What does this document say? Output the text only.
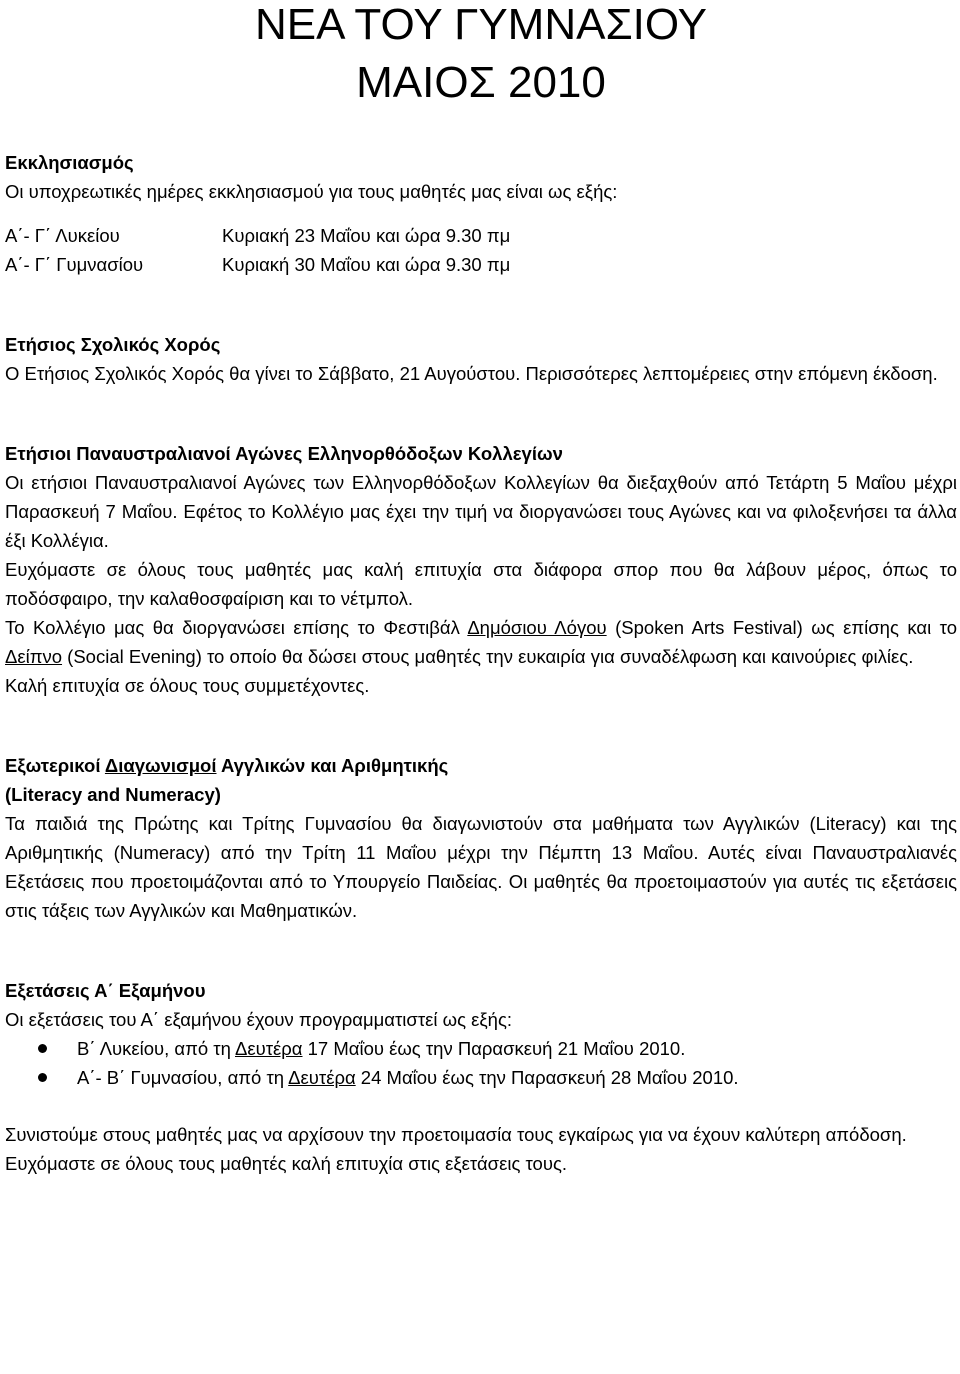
ΝΕΑ ΤΟΥ ΓΥΜΝΑΣΙΟΥ
ΜΑΙΟΣ 2010
Εκκλησιασμός
Οι υποχρεωτικές ημέρες εκκλησιασμού για τους μαθητές μας είναι ως εξής:
Α΄- Γ΄ Λυκείου	Κυριακή 23 Μαΐου και ώρα 9.30 πμ
Α΄- Γ΄ Γυμνασίου	Κυριακή 30 Μαΐου και ώρα 9.30 πμ
Ετήσιος Σχολικός Χορός
Ο Ετήσιος Σχολικός Χορός θα γίνει το Σάββατο, 21 Αυγούστου. Περισσότερες λεπτομέρειες στην επόμενη έκδοση.
Ετήσιοι Παναυστραλιανοί Αγώνες Ελληνορθόδοξων Κολλεγίων
Οι ετήσιοι Παναυστραλιανοί Αγώνες των Ελληνορθόδοξων Κολλεγίων θα διεξαχθούν από Τετάρτη 5 Μαΐου μέχρι Παρασκευή 7 Μαΐου. Εφέτος το Κολλέγιο μας έχει την τιμή να διοργανώσει τους Αγώνες και να φιλοξενήσει τα άλλα έξι Κολλέγια.
Ευχόμαστε σε όλους τους μαθητές μας καλή επιτυχία στα διάφορα σπορ που θα λάβουν μέρος, όπως το ποδόσφαιρο, την καλαθοσφαίριση και το νέτμπολ.
Το Κολλέγιο μας θα διοργανώσει επίσης το Φεστιβάλ Δημόσιου Λόγου (Spoken Arts Festival) ως επίσης και το Δείπνο (Social Evening) το οποίο θα δώσει στους μαθητές την ευκαιρία για συναδέλφωση και καινούριες φιλίες.
Καλή επιτυχία σε όλους τους συμμετέχοντες.
Εξωτερικοί Διαγωνισμοί Αγγλικών και Αριθμητικής
(Literacy and Numeracy)
Τα παιδιά της Πρώτης και Τρίτης Γυμνασίου θα διαγωνιστούν στα μαθήματα των Αγγλικών (Literacy) και της Αριθμητικής (Numeracy) από την Τρίτη 11 Μαΐου μέχρι την Πέμπτη 13 Μαΐου. Αυτές είναι Παναυστραλιανές Εξετάσεις που προετοιμάζονται από το Υπουργείο Παιδείας. Οι μαθητές θα προετοιμαστούν για αυτές τις εξετάσεις στις τάξεις των Αγγλικών και Μαθηματικών.
Εξετάσεις Α΄ Εξαμήνου
Οι εξετάσεις του Α΄ εξαμήνου έχουν προγραμματιστεί ως εξής:
Β΄ Λυκείου, από τη Δευτέρα 17 Μαΐου έως την Παρασκευή 21 Μαΐου 2010.
Α΄- Β΄ Γυμνασίου, από τη Δευτέρα 24 Μαΐου έως την Παρασκευή 28 Μαΐου 2010.
Συνιστούμε στους μαθητές μας να αρχίσουν την προετοιμασία τους εγκαίρως για να έχουν καλύτερη απόδοση.
Ευχόμαστε σε όλους τους μαθητές καλή επιτυχία στις εξετάσεις τους.
